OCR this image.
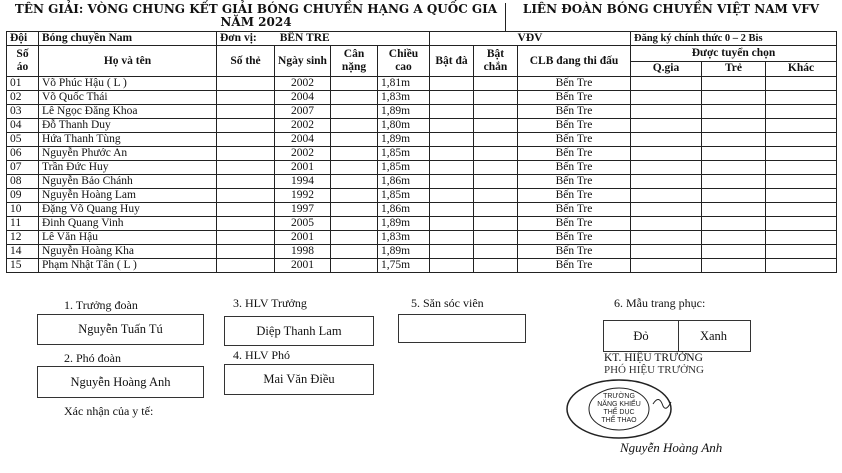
TÊN GIẢI: VÒNG CHUNG KẾT GIẢI BÓNG CHUYỀN HẠNG A QUỐC GIA NĂM 2024
LIÊN ĐOÀN BÓNG CHUYỀN VIỆT NAM VFV
Đội	Bóng chuyền Nam	Đơn vị: BẾN TRE				VĐV			Đăng ký chính thức 0 – 2 Bis		
Số áo	Họ và tên	Số thẻ	Ngày sinh	Cân nặng	Chiều cao	Bật đà	Bật chắn	CLB đang thi đấu	Được tuyển chọn		
									Q.gia	Trẻ	Khác
01	Võ Phúc Hậu ( L )		2002		1,81m			Bến Tre			
02	Võ Quốc Thái		2004		1,83m			Bến Tre			
03	Lê Ngọc Đăng Khoa		2007		1,89m			Bến Tre			
04	Đỗ Thanh Duy		2002		1,80m			Bến Tre			
05	Hứa Thanh Tùng		2004		1,89m			Bến Tre			
06	Nguyễn Phước An		2002		1,85m			Bến Tre			
07	Trần Đức Huy		2001		1,85m			Bến Tre			
08	Nguyễn Bảo Chánh		1994		1,86m			Bến Tre			
09	Nguyễn Hoàng Lam		1992		1,85m			Bến Tre			
10	Đặng Võ Quang Huy		1997		1,86m			Bến Tre			
11	Đinh Quang Vinh		2005		1,89m			Bến Tre			
12	Lê Văn Hậu		2001		1,83m			Bến Tre			
14	Nguyễn Hoàng Kha		1998		1,89m			Bến Tre			
15	Phạm Nhật Tân ( L )		2001		1,75m			Bến Tre			
1. Trưởng đoàn
Nguyễn Tuấn Tú
2. Phó đoàn
Nguyễn Hoàng Anh
Xác nhận của y tế:
3. HLV Trưởng
Diệp Thanh Lam
4. HLV Phó
Mai Văn Điều
5. Săn sóc viên	6. Mẫu trang phục:
Đỏ	Xanh
KT. HIỆU TRƯỞNG
PHÓ HIỆU TRƯỞNG
TRƯỜNG
NĂNG KHIẾU
THỂ DỤC
THỂ THAO
Nguyễn Hoàng Anh
